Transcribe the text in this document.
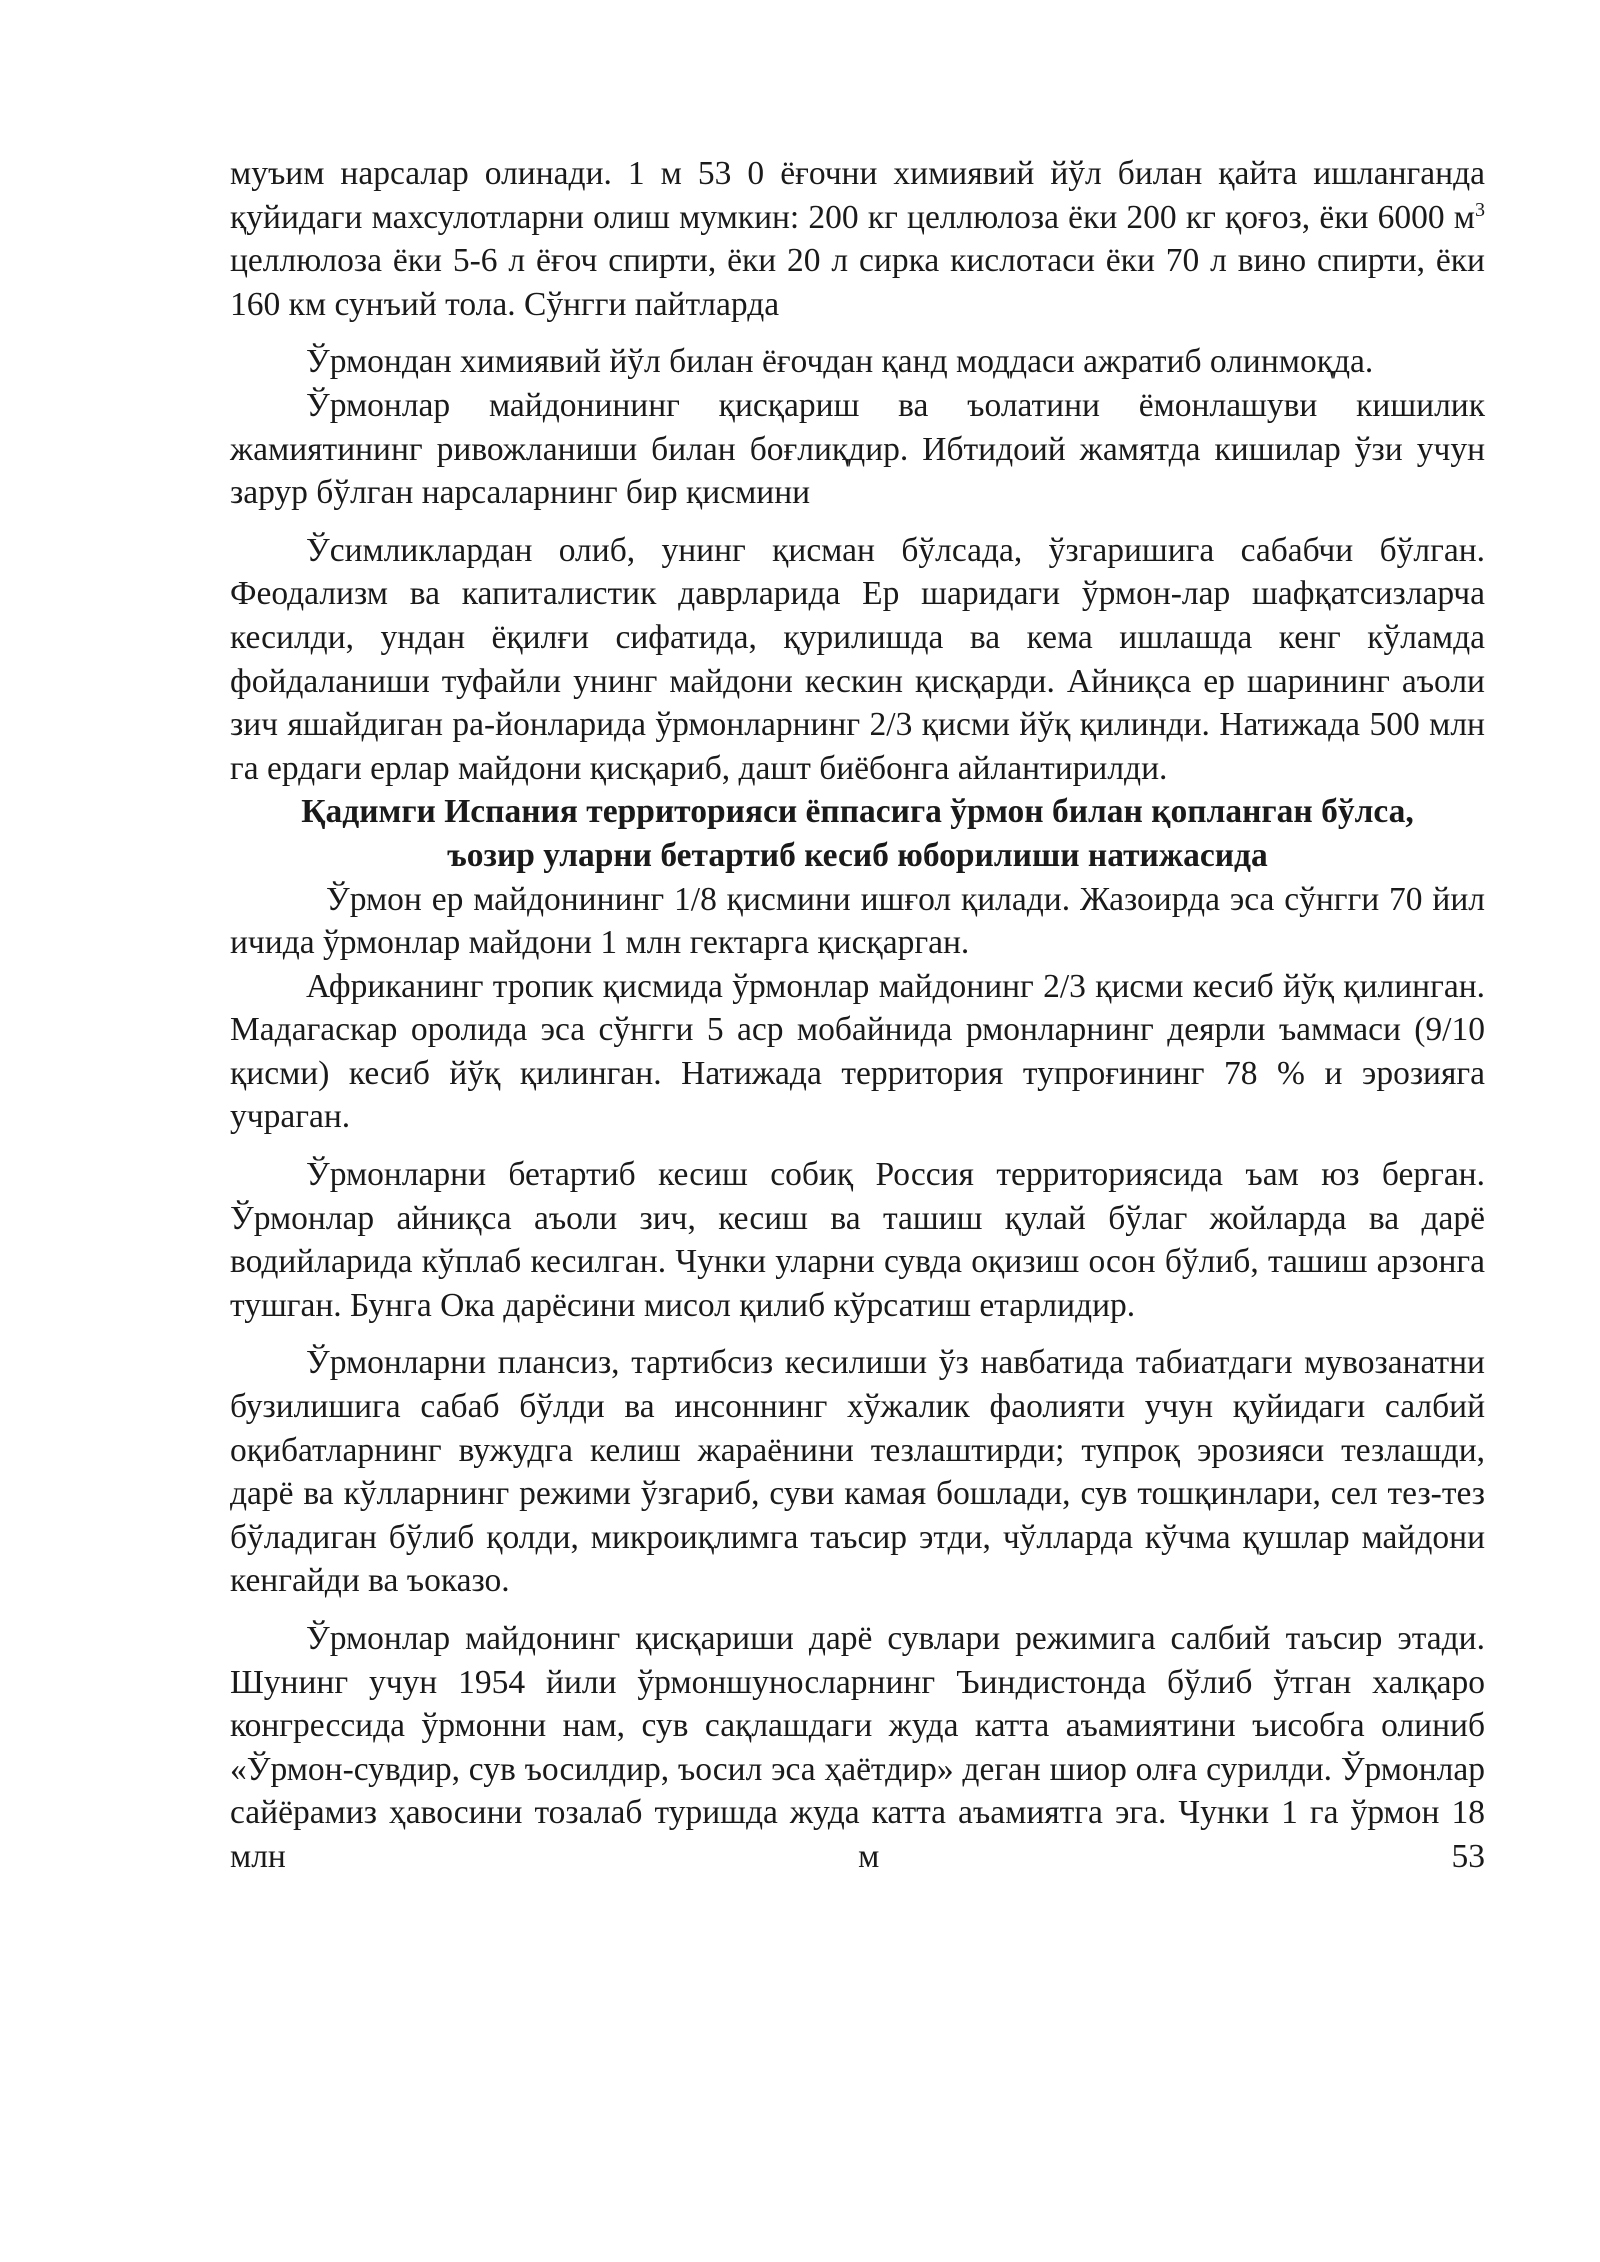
муъим нарсалар олинади. 1 м 53 0 ёғочни химиявий йўл билан қайта ишланганда қуйидаги махсулотларни олиш мумкин: 200 кг целлюлоза ёки 200 кг қоғоз, ёки 6000 $м^3$ целлюлоза ёки 5-6 л ёғоч спирти, ёки 20 л сирка кислотаси ёки 70 л вино спирти, ёки 160 км сунъий тола. Сўнгги пайтларда

Ўрмондан химиявий йўл билан ёғочдан қанд моддаси ажратиб олинмоқда.

Ўрмонлар майдонининг қисқариш ва ъолатини ёмонлашуви кишилик жамиятининг ривожланиши билан боғлиқдир. Ибтидоий жамятда кишилар ўзи учун зарур бўлган нарсаларнинг бир қисмини

Ўсимликлардан олиб, унинг қисман бўлсада, ўзгаришига сабабчи бўлган. Феодализм ва капиталистик даврларида Ер шаридаги ўрмон-лар шафқатсизларча кесилди, ундан ёқилғи сифатида, қурилишда ва кема ишлашда кенг кўламда фойдаланиши туфайли унинг майдони кескин қисқарди. Айниқса ер шарининг аъоли зич яшайдиган ра-йонларида ўрмонларнинг 2/3 қисми йўқ қилинди. Натижада 500 млн га ердаги ерлар майдони қисқариб, дашт биёбонга айлантирилди.

Қадимги Испания территорияси ёппасига ўрмон билан қопланган бўлса,

ъозир уларни бетартиб кесиб юборилиши натижасида

Ўрмон ер майдонининг 1/8 қисмини ишғол қилади. Жазоирда эса сўнгги 70 йил ичида ўрмонлар майдони 1 млн гектарга қисқарган.

Африканинг тропик қисмида ўрмонлар майдонинг 2/3 қисми кесиб йўқ қилинган. Мадагаскар оролида эса сўнгги 5 аср мобайнида рмонларнинг деярли ъаммаси (9/10 қисми) кесиб йўқ қилинган. Натижада территория тупроғининг 78 % и эрозияга учраган.

Ўрмонларни бетартиб кесиш собиқ Россия территориясида ъам юз берган. Ўрмонлар айниқса аъоли зич, кесиш ва ташиш қулай бўлаг жойларда ва дарё водийларида кўплаб кесилган. Чунки уларни сувда оқизиш осон бўлиб, ташиш арзонга тушган. Бунга Ока дарёсини мисол қилиб кўрсатиш етарлидир.

Ўрмонларни плансиз, тартибсиз кесилиши ўз навбатида табиатдаги мувозанатни бузилишига сабаб бўлди ва инсоннинг хўжалик фаолияти учун қуйидаги салбий оқибатларнинг вужудга келиш жараёнини тезлаштирди; тупроқ эрозияси тезлашди, дарё ва кўлларнинг режими ўзгариб, суви камая бошлади, сув тошқинлари, сел тез-тез бўладиган бўлиб қолди, микроиқлимга таъсир этди, чўлларда кўчма қушлар майдони кенгайди ва ъоказо.

Ўрмонлар майдонинг қисқариши дарё сувлари режимига салбий таъсир этади. Шунинг учун 1954 йили ўрмоншуносларнинг Ъиндистонда бўлиб ўтган халқаро конгрессида ўрмонни нам, сув сақлашдаги жуда катта аъамиятини ъисобга олиниб «Ўрмон-сувдир, сув ъосилдир, ъосил эса ҳаётдир» деган шиор олға сурилди. Ўрмонлар сайёрамиз ҳавосини тозалаб туришда жуда катта аъамиятга эга. Чунки 1 га ўрмон 18 млн м 53
